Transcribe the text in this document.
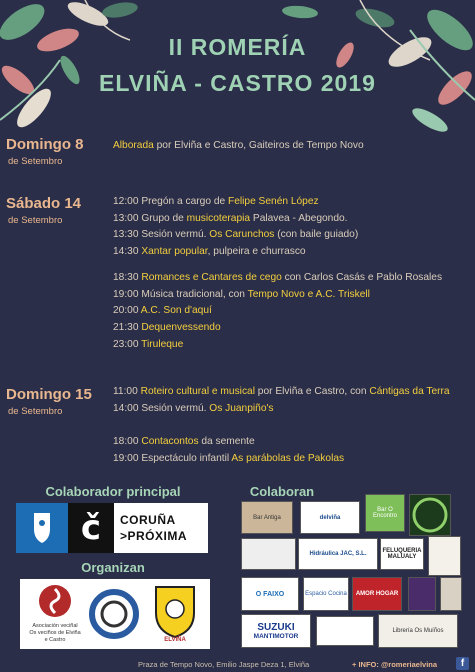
II ROMERÍA
ELVIÑA - CASTRO 2019
Domingo 8
de Setembro
Alborada por Elviña e Castro, Gaiteiros de Tempo Novo
Sábado 14
de Setembro
12:00 Pregón a cargo de Felipe Senén López
13:00 Grupo de musicoterapia Palavea - Abegondo.
13:30 Sesión vermú. Os Carunchos (con baile guiado)
14:30 Xantar popular, pulpeira e churrasco
18:30 Romances e Cantares de cego con Carlos Casás e Pablo Rosales
19:00 Música tradicional, con Tempo Novo e A.C. Triskell
20:00 A.C. Son d'aquí
21:30 Dequenvessendo
23:00 Tiruleque
Domingo 15
de Setembro
11:00 Roteiro cultural e musical por Elviña e Castro, con Cántigas da Terra
14:00 Sesión vermú. Os Juanpiño's
18:00 Contacontos da semente
19:00 Espectáculo infantil As parábolas de Pakolas
Colaborador principal
č	CORUÑA
>PRÓXIMA
Organizan
Asociación veciñal
Os veciños de Elviña
e Castro	ELVIÑA
Colaboran
Bar Antiga	delviña
Bar O Encontro
Hidráulica JAC, S.L.	FELUQUERIA MALUALY
O FAIXO	Espacio Cocina	AMOR HOGAR
SUZUKI
MANTIMOTOR
Librería Os Muíños
Praza de Tempo Novo, Emilio Jaspe Deza 1, Elviña	+ INFO: @romeriaelvina	f
